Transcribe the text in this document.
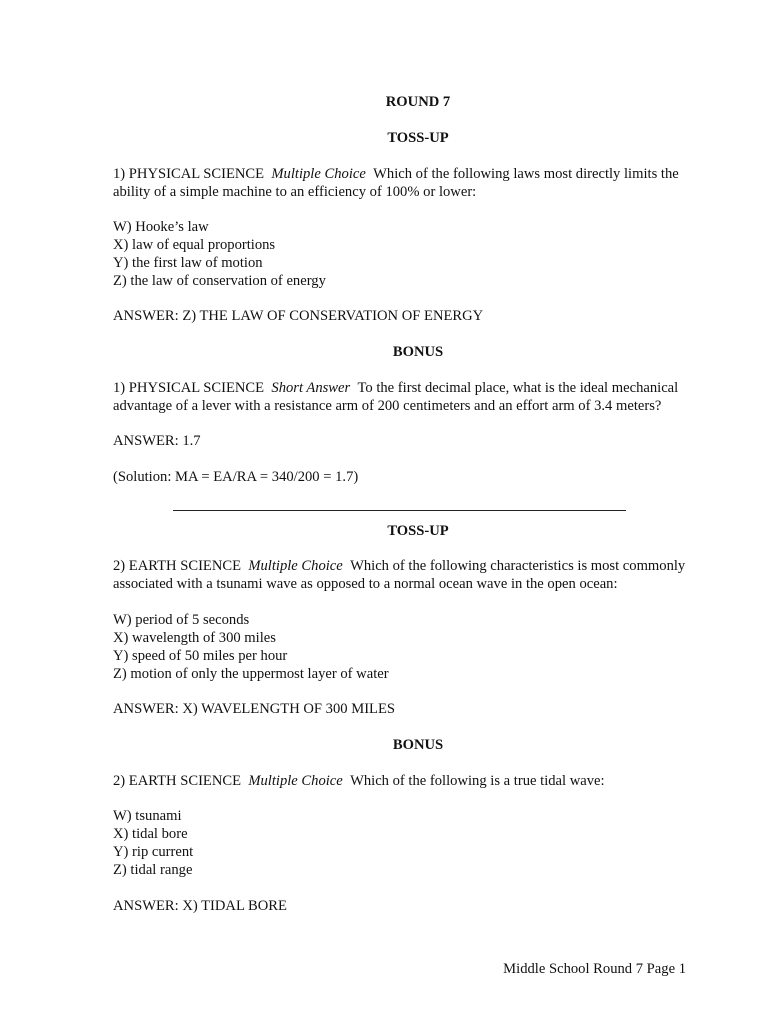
ROUND 7
TOSS-UP
1) PHYSICAL SCIENCE Multiple Choice Which of the following laws most directly limits the
ability of a simple machine to an efficiency of 100% or lower:
W) Hooke’s law
X) law of equal proportions
Y) the first law of motion
Z) the law of conservation of energy
ANSWER: Z) THE LAW OF CONSERVATION OF ENERGY
BONUS
1) PHYSICAL SCIENCE Short Answer To the first decimal place, what is the ideal mechanical
advantage of a lever with a resistance arm of 200 centimeters and an effort arm of 3.4 meters?
ANSWER: 1.7
(Solution: MA = EA/RA = 340/200 = 1.7)
TOSS-UP
2) EARTH SCIENCE Multiple Choice Which of the following characteristics is most commonly
associated with a tsunami wave as opposed to a normal ocean wave in the open ocean:
W) period of 5 seconds
X) wavelength of 300 miles
Y) speed of 50 miles per hour
Z) motion of only the uppermost layer of water
ANSWER: X) WAVELENGTH OF 300 MILES
BONUS
2) EARTH SCIENCE Multiple Choice Which of the following is a true tidal wave:
W) tsunami
X) tidal bore
Y) rip current
Z) tidal range
ANSWER: X) TIDAL BORE
Middle School Round 7 Page 1
